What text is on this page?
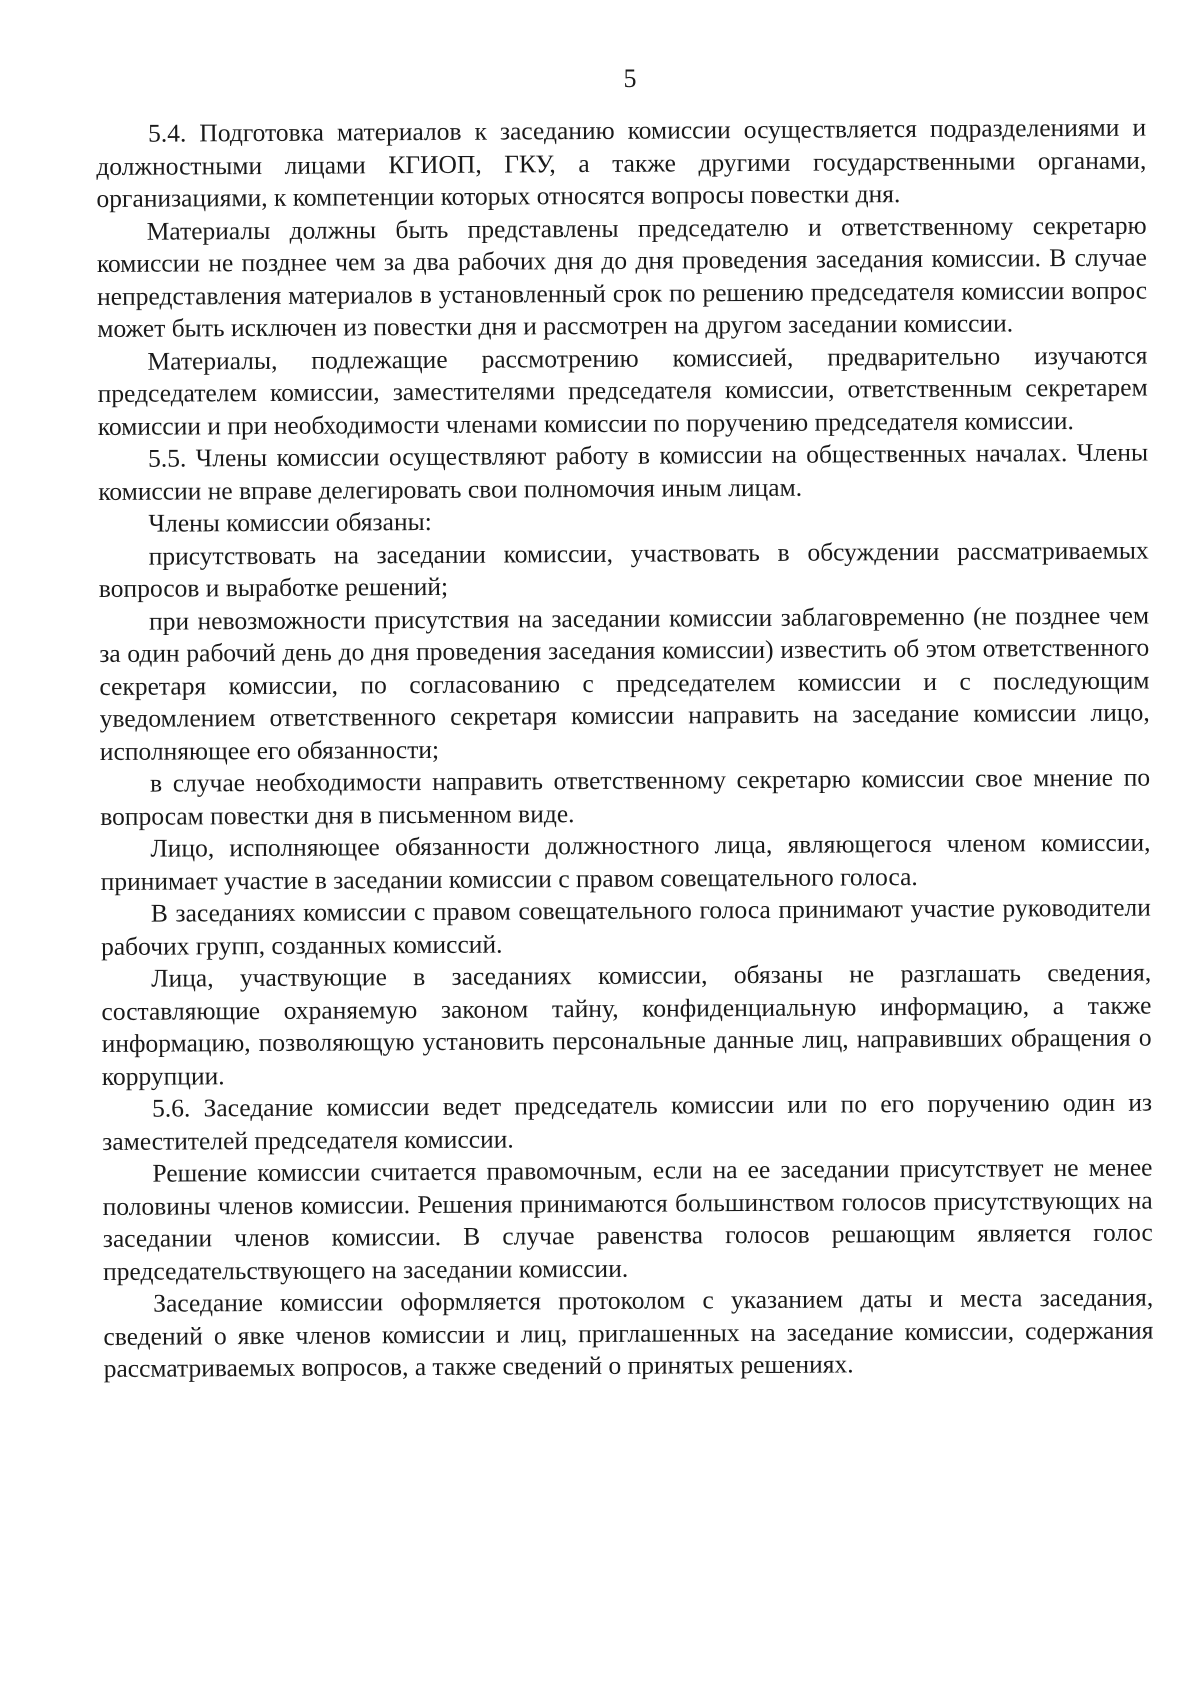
5

5.4. Подготовка материалов к заседанию комиссии осуществляется подразделениями и должностными лицами КГИОП, ГКУ, а также другими государственными органами, организациями, к компетенции которых относятся вопросы повестки дня.

Материалы должны быть представлены председателю и ответственному секретарю комиссии не позднее чем за два рабочих дня до дня проведения заседания комиссии. В случае непредставления материалов в установленный срок по решению председателя комиссии вопрос может быть исключен из повестки дня и рассмотрен на другом заседании комиссии.

Материалы, подлежащие рассмотрению комиссией, предварительно изучаются председателем комиссии, заместителями председателя комиссии, ответственным секретарем комиссии и при необходимости членами комиссии по поручению председателя комиссии.

5.5. Члены комиссии осуществляют работу в комиссии на общественных началах. Члены комиссии не вправе делегировать свои полномочия иным лицам.

Члены комиссии обязаны:

присутствовать на заседании комиссии, участвовать в обсуждении рассматриваемых вопросов и выработке решений;

при невозможности присутствия на заседании комиссии заблаговременно (не позднее чем за один рабочий день до дня проведения заседания комиссии) известить об этом ответственного секретаря комиссии, по согласованию с председателем комиссии и с последующим уведомлением ответственного секретаря комиссии направить на заседание комиссии лицо, исполняющее его обязанности;

в случае необходимости направить ответственному секретарю комиссии свое мнение по вопросам повестки дня в письменном виде.

Лицо, исполняющее обязанности должностного лица, являющегося членом комиссии, принимает участие в заседании комиссии с правом совещательного голоса.

В заседаниях комиссии с правом совещательного голоса принимают участие руководители рабочих групп, созданных комиссий.

Лица, участвующие в заседаниях комиссии, обязаны не разглашать сведения, составляющие охраняемую законом тайну, конфиденциальную информацию, а также информацию, позволяющую установить персональные данные лиц, направивших обращения о коррупции.

5.6. Заседание комиссии ведет председатель комиссии или по его поручению один из заместителей председателя комиссии.

Решение комиссии считается правомочным, если на ее заседании присутствует не менее половины членов комиссии. Решения принимаются большинством голосов присутствующих на заседании членов комиссии. В случае равенства голосов решающим является голос председательствующего на заседании комиссии.

Заседание комиссии оформляется протоколом с указанием даты и места заседания, сведений о явке членов комиссии и лиц, приглашенных на заседание комиссии, содержания рассматриваемых вопросов, а также сведений о принятых решениях.
